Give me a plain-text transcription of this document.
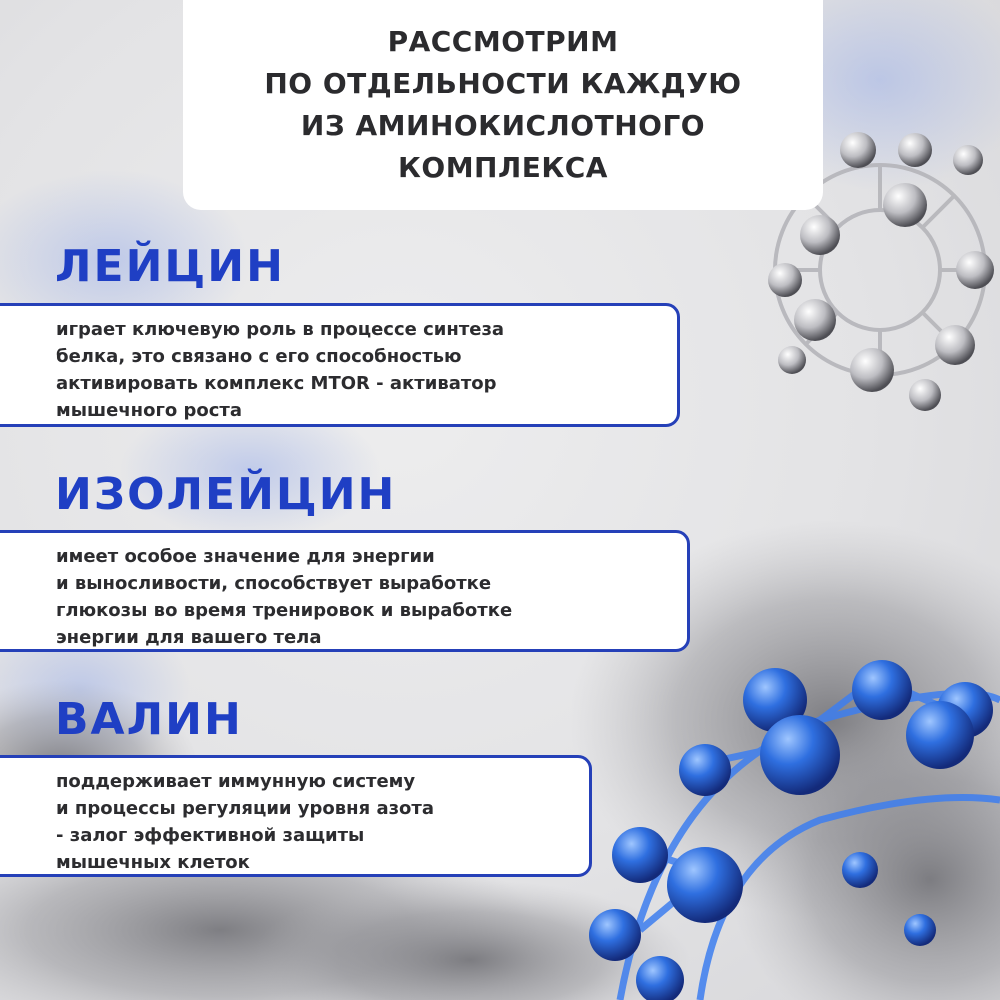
РАССМОТРИМ
ПО ОТДЕЛЬНОСТИ КАЖДУЮ
ИЗ АМИНОКИСЛОТНОГО
КОМПЛЕКСА
ЛЕЙЦИН
играет ключевую роль в процессе синтеза
белка, это связано с его способностью
активировать комплекс MTOR - активатор
мышечного роста
ИЗОЛЕЙЦИН
имеет особое значение для энергии
и выносливости, способствует выработке
глюкозы во время тренировок и выработке
энергии для вашего тела
ВАЛИН
поддерживает иммунную систему
и процессы регуляции уровня азота
- залог эффективной защиты
мышечных клеток
